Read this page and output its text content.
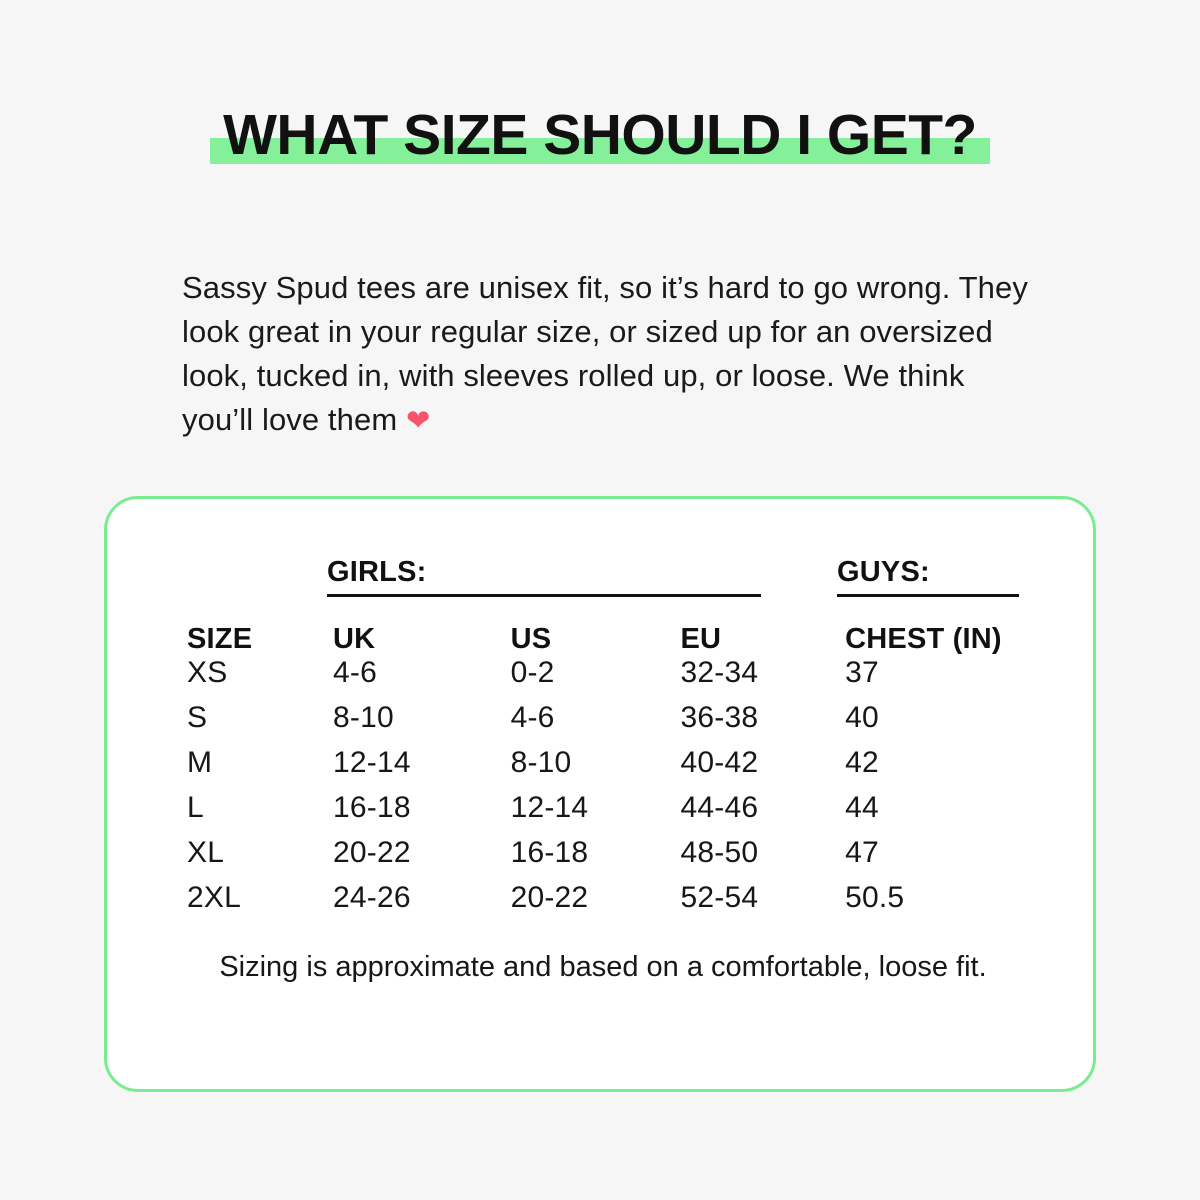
WHAT SIZE SHOULD I GET?

Sassy Spud tees are unisex fit, so it’s hard to go wrong. They look great in your regular size, or sized up for an oversized look, tucked in, with sleeves rolled up, or loose. We think you’ll love them ❤

GIRLS:	GUYS:
SIZE	UK	US	EU	CHEST (IN)
XS	4-6	0-2	32-34	37
S	8-10	4-6	36-38	40
M	12-14	8-10	40-42	42
L	16-18	12-14	44-46	44
XL	20-22	16-18	48-50	47
2XL	24-26	20-22	52-54	50.5
Sizing is approximate and based on a comfortable, loose fit.
